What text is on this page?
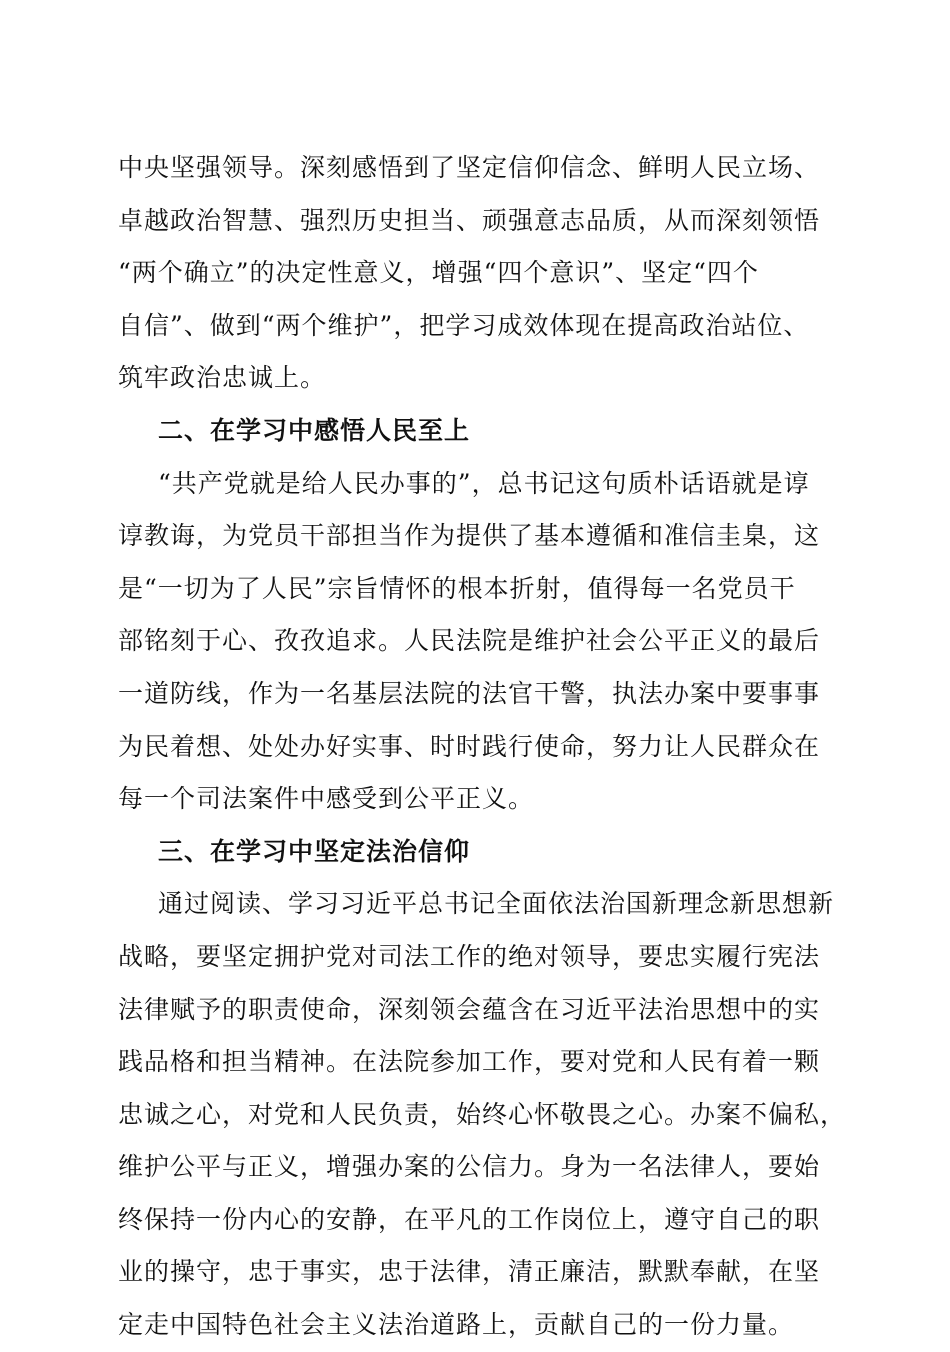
中央坚强领导。深刻感悟到了坚定信仰信念、鲜明人民立场、
卓越政治智慧、强烈历史担当、顽强意志品质，从而深刻领悟
“两个确立”的决定性意义，增强“四个意识”、坚定“四个
自信”、做到“两个维护”，把学习成效体现在提高政治站位、
筑牢政治忠诚上。
二、在学习中感悟人民至上
“共产党就是给人民办事的”，总书记这句质朴话语就是谆
谆教诲，为党员干部担当作为提供了基本遵循和准信圭臬，这
是“一切为了人民”宗旨情怀的根本折射，值得每一名党员干
部铭刻于心、孜孜追求。人民法院是维护社会公平正义的最后
一道防线，作为一名基层法院的法官干警，执法办案中要事事
为民着想、处处办好实事、时时践行使命，努力让人民群众在
每一个司法案件中感受到公平正义。
三、在学习中坚定法治信仰
通过阅读、学习习近平总书记全面依法治国新理念新思想新
战略，要坚定拥护党对司法工作的绝对领导，要忠实履行宪法
法律赋予的职责使命，深刻领会蕴含在习近平法治思想中的实
践品格和担当精神。在法院参加工作，要对党和人民有着一颗
忠诚之心，对党和人民负责，始终心怀敬畏之心。办案不偏私，
维护公平与正义，增强办案的公信力。身为一名法律人，要始
终保持一份内心的安静，在平凡的工作岗位上，遵守自己的职
业的操守，忠于事实，忠于法律，清正廉洁，默默奉献，在坚
定走中国特色社会主义法治道路上，贡献自己的一份力量。
